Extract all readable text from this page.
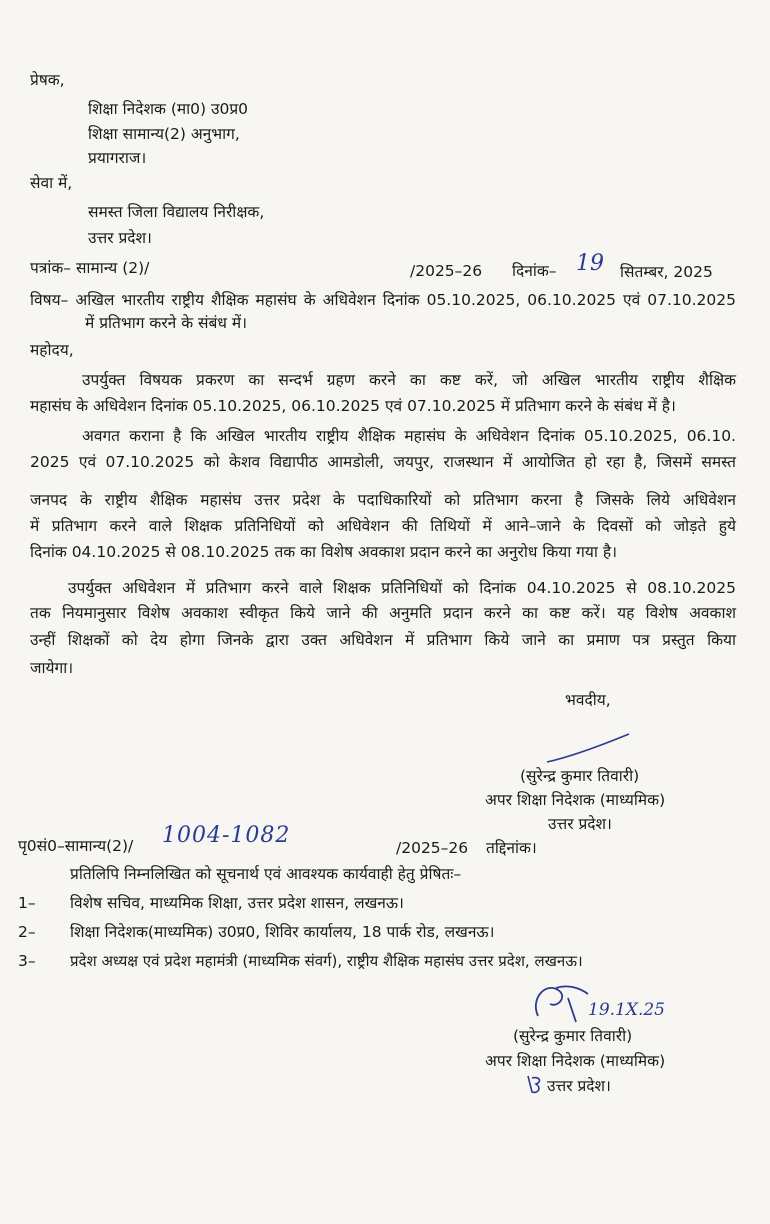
प्रेषक,
शिक्षा निदेशक (मा0) उ0प्र0
शिक्षा सामान्य(2) अनुभाग,
प्रयागराज।
सेवा में,
समस्त जिला विद्यालय निरीक्षक,
उत्तर प्रदेश।
पत्रांक– सामान्य (2)/	/2025–26 दिनांक– 19 सितम्बर, 2025
विषय– अखिल भारतीय राष्ट्रीय शैक्षिक महासंघ के अधिवेशन दिनांक 05.10.2025, 06.10.2025 एवं 07.10.2025
में प्रतिभाग करने के संबंध में।
महोदय,
उपर्युक्त विषयक प्रकरण का सन्दर्भ ग्रहण करने का कष्ट करें, जो अखिल भारतीय राष्ट्रीय शैक्षिक
महासंघ के अधिवेशन दिनांक 05.10.2025, 06.10.2025 एवं 07.10.2025 में प्रतिभाग करने के संबंध में है।
अवगत कराना है कि अखिल भारतीय राष्ट्रीय शैक्षिक महासंघ के अधिवेशन दिनांक 05.10.2025, 06.10.
2025 एवं 07.10.2025 को केशव विद्यापीठ आमडोली, जयपुर, राजस्थान में आयोजित हो रहा है, जिसमें समस्त
जनपद के राष्ट्रीय शैक्षिक महासंघ उत्तर प्रदेश के पदाधिकारियों को प्रतिभाग करना है जिसके लिये अधिवेशन
में प्रतिभाग करने वाले शिक्षक प्रतिनिधियों को अधिवेशन की तिथियों में आने–जाने के दिवसों को जोड़ते हुये
दिनांक 04.10.2025 से 08.10.2025 तक का विशेष अवकाश प्रदान करने का अनुरोध किया गया है।
उपर्युक्त अधिवेशन में प्रतिभाग करने वाले शिक्षक प्रतिनिधियों को दिनांक 04.10.2025 से 08.10.2025
तक नियमानुसार विशेष अवकाश स्वीकृत किये जाने की अनुमति प्रदान करने का कष्ट करें। यह विशेष अवकाश
उन्हीं शिक्षकों को देय होगा जिनके द्वारा उक्त अधिवेशन में प्रतिभाग किये जाने का प्रमाण पत्र प्रस्तुत किया
जायेगा।
भवदीय,
(सुरेन्द्र कुमार तिवारी)
अपर शिक्षा निदेशक (माध्यमिक)
उत्तर प्रदेश।
पृ0सं0–सामान्य(2)/ 1004-1082	/2025–26 तद्दिनांक।
प्रतिलिपि निम्नलिखित को सूचनार्थ एवं आवश्यक कार्यवाही हेतु प्रेषितः–
1– विशेष सचिव, माध्यमिक शिक्षा, उत्तर प्रदेश शासन, लखनऊ।
2– शिक्षा निदेशक(माध्यमिक) उ0प्र0, शिविर कार्यालय, 18 पार्क रोड, लखनऊ।
3– प्रदेश अध्यक्ष एवं प्रदेश महामंत्री (माध्यमिक संवर्ग), राष्ट्रीय शैक्षिक महासंघ उत्तर प्रदेश, लखनऊ।
19.1X.25
(सुरेन्द्र कुमार तिवारी)
अपर शिक्षा निदेशक (माध्यमिक)
उत्तर प्रदेश।
